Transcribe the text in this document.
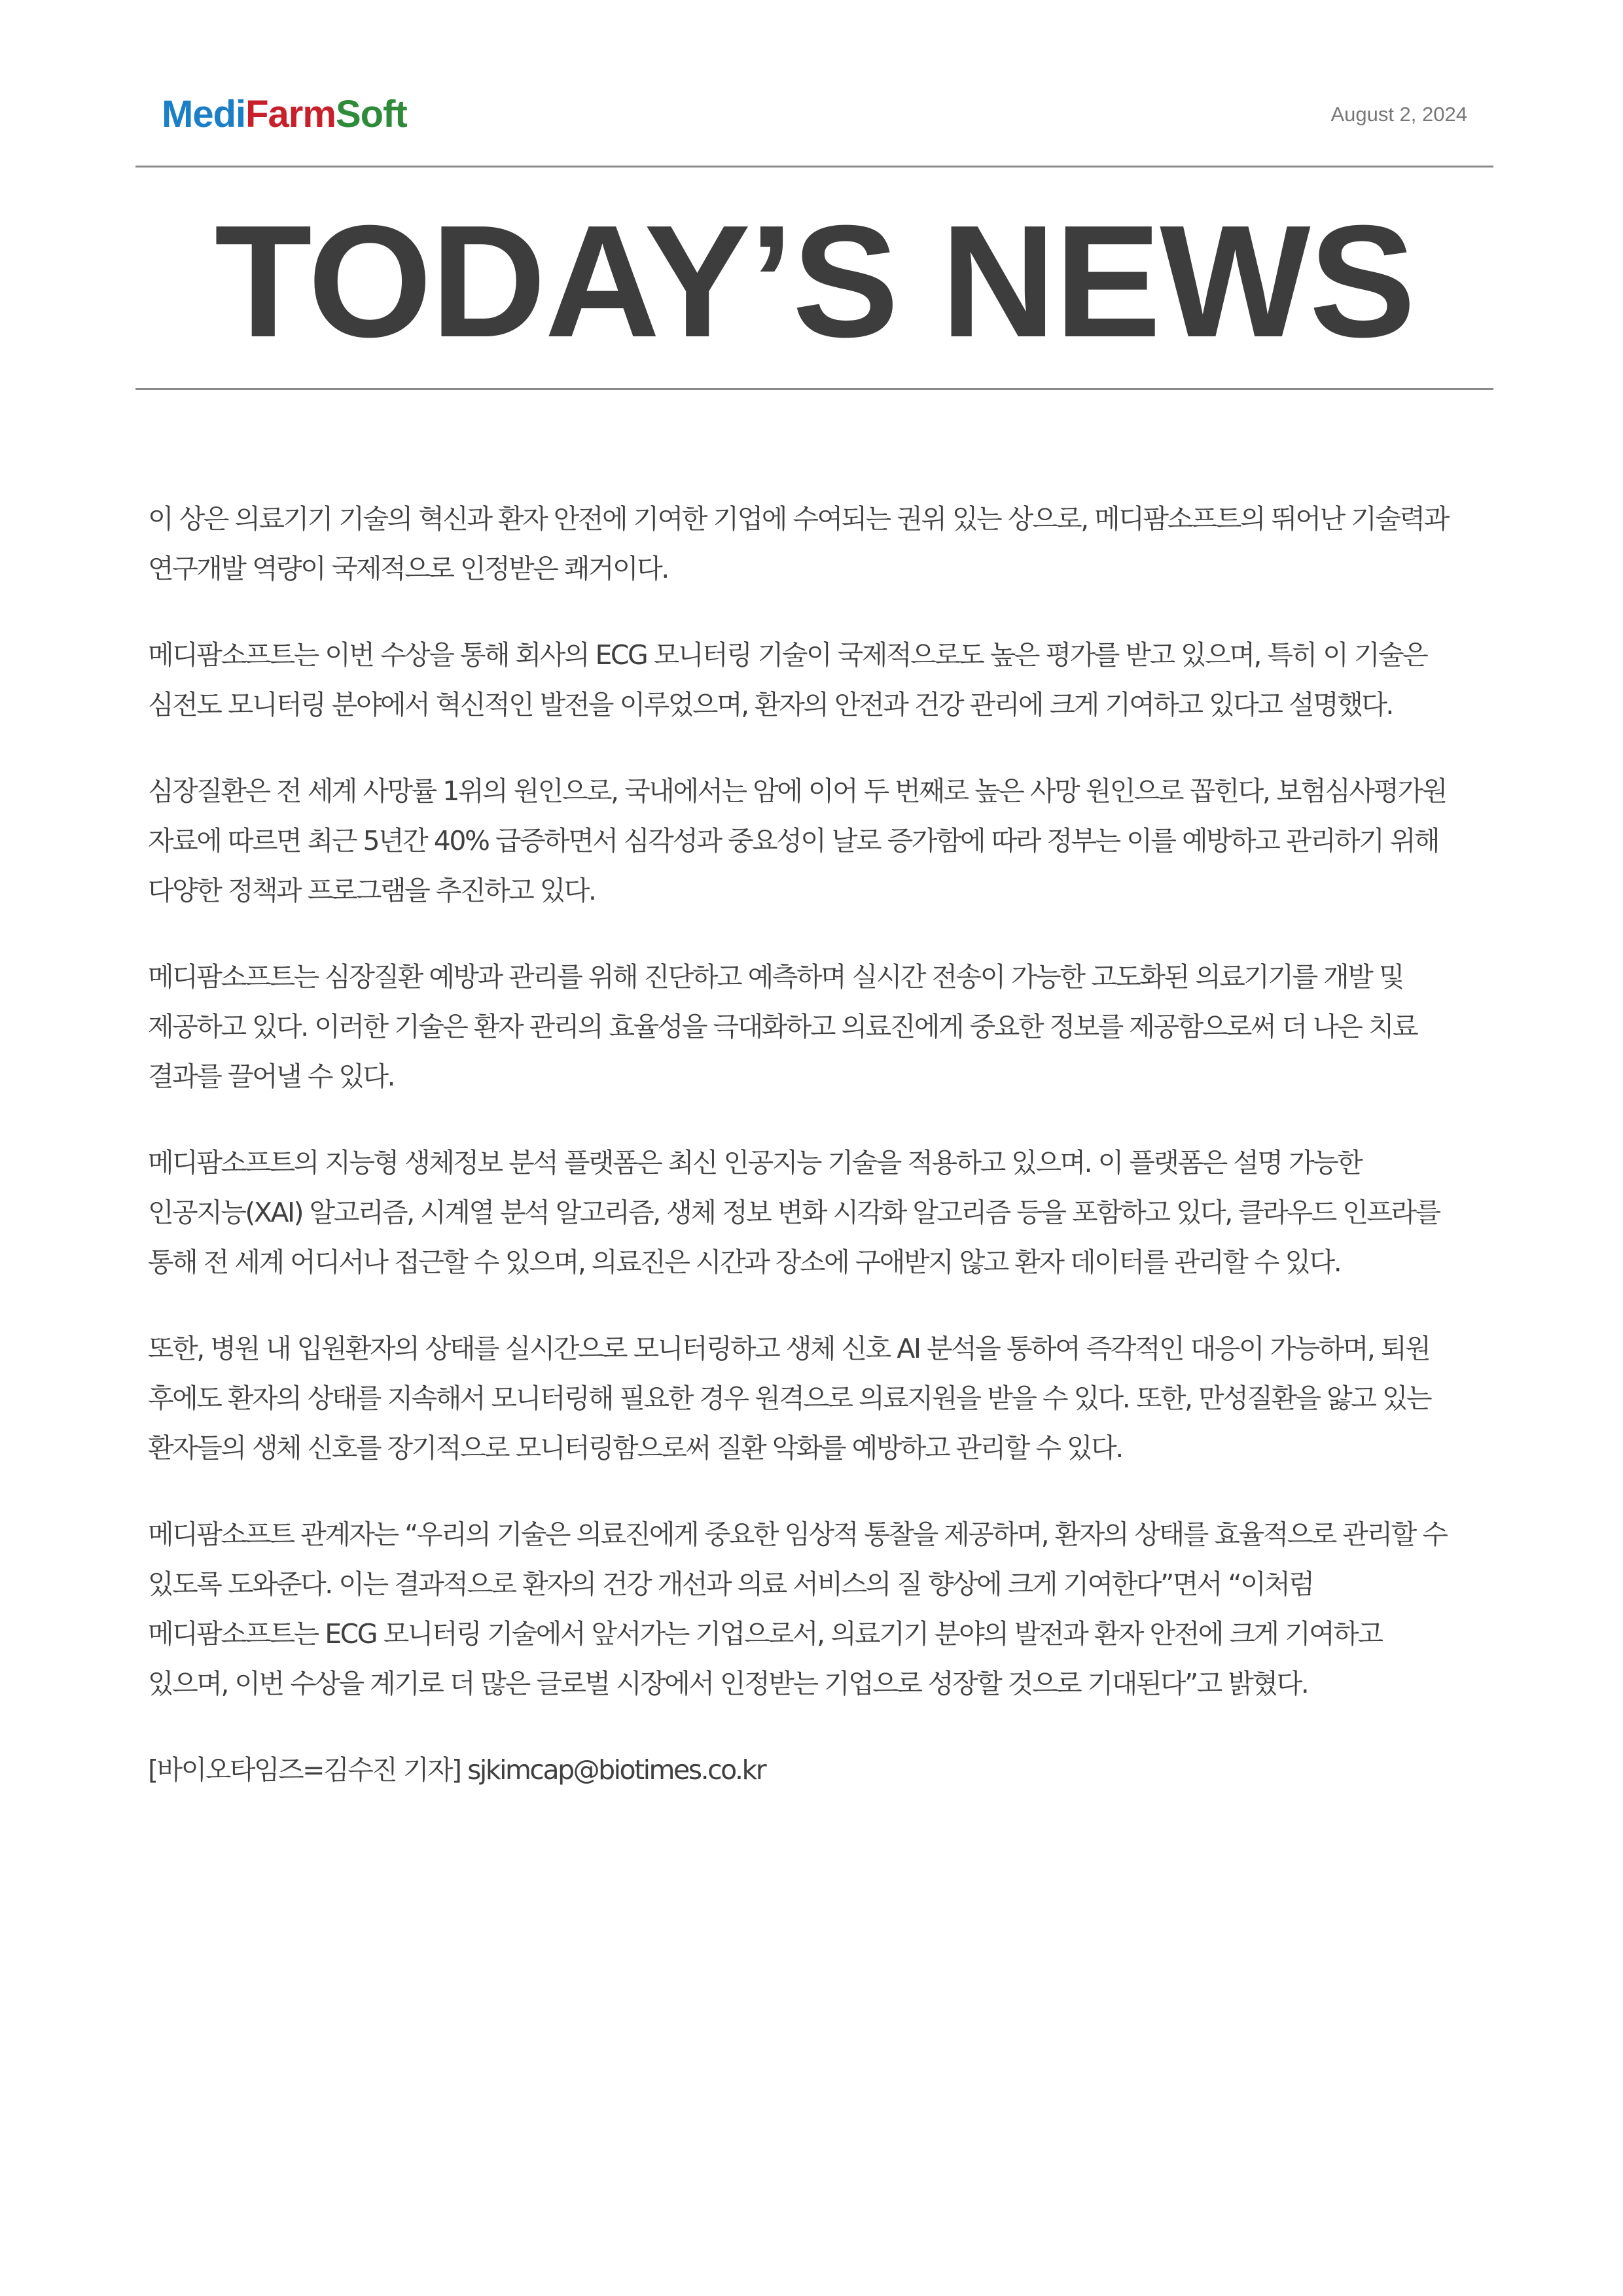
MediFarmSoft	August 2, 2024
TODAY’S NEWS

이 상은 의료기기 기술의 혁신과 환자 안전에 기여한 기업에 수여되는 권위 있는 상으로, 메디팜소프트의 뛰어난 기술력과 연구개발 역량이 국제적으로 인정받은 쾌거이다.

메디팜소프트는 이번 수상을 통해 회사의 ECG 모니터링 기술이 국제적으로도 높은 평가를 받고 있으며, 특히 이 기술은 심전도 모니터링 분야에서 혁신적인 발전을 이루었으며, 환자의 안전과 건강 관리에 크게 기여하고 있다고 설명했다.

심장질환은 전 세계 사망률 1위의 원인으로, 국내에서는 암에 이어 두 번째로 높은 사망 원인으로 꼽힌다, 보험심사평가원 자료에 따르면 최근 5년간 40% 급증하면서 심각성과 중요성이 날로 증가함에 따라 정부는 이를 예방하고 관리하기 위해 다양한 정책과 프로그램을 추진하고 있다.

메디팜소프트는 심장질환 예방과 관리를 위해 진단하고 예측하며 실시간 전송이 가능한 고도화된 의료기기를 개발 및 제공하고 있다. 이러한 기술은 환자 관리의 효율성을 극대화하고 의료진에게 중요한 정보를 제공함으로써 더 나은 치료 결과를 끌어낼 수 있다.

메디팜소프트의 지능형 생체정보 분석 플랫폼은 최신 인공지능 기술을 적용하고 있으며. 이 플랫폼은 설명 가능한 인공지능(XAI) 알고리즘, 시계열 분석 알고리즘, 생체 정보 변화 시각화 알고리즘 등을 포함하고 있다, 클라우드 인프라를 통해 전 세계 어디서나 접근할 수 있으며, 의료진은 시간과 장소에 구애받지 않고 환자 데이터를 관리할 수 있다.

또한, 병원 내 입원환자의 상태를 실시간으로 모니터링하고 생체 신호 AI 분석을 통하여 즉각적인 대응이 가능하며, 퇴원 후에도 환자의 상태를 지속해서 모니터링해 필요한 경우 원격으로 의료지원을 받을 수 있다. 또한, 만성질환을 앓고 있는 환자들의 생체 신호를 장기적으로 모니터링함으로써 질환 악화를 예방하고 관리할 수 있다.

메디팜소프트 관계자는 “우리의 기술은 의료진에게 중요한 임상적 통찰을 제공하며, 환자의 상태를 효율적으로 관리할 수 있도록 도와준다. 이는 결과적으로 환자의 건강 개선과 의료 서비스의 질 향상에 크게 기여한다”면서 “이처럼 메디팜소프트는 ECG 모니터링 기술에서 앞서가는 기업으로서, 의료기기 분야의 발전과 환자 안전에 크게 기여하고 있으며, 이번 수상을 계기로 더 많은 글로벌 시장에서 인정받는 기업으로 성장할 것으로 기대된다”고 밝혔다.

[바이오타임즈=김수진 기자] sjkimcap@biotimes.co.kr
